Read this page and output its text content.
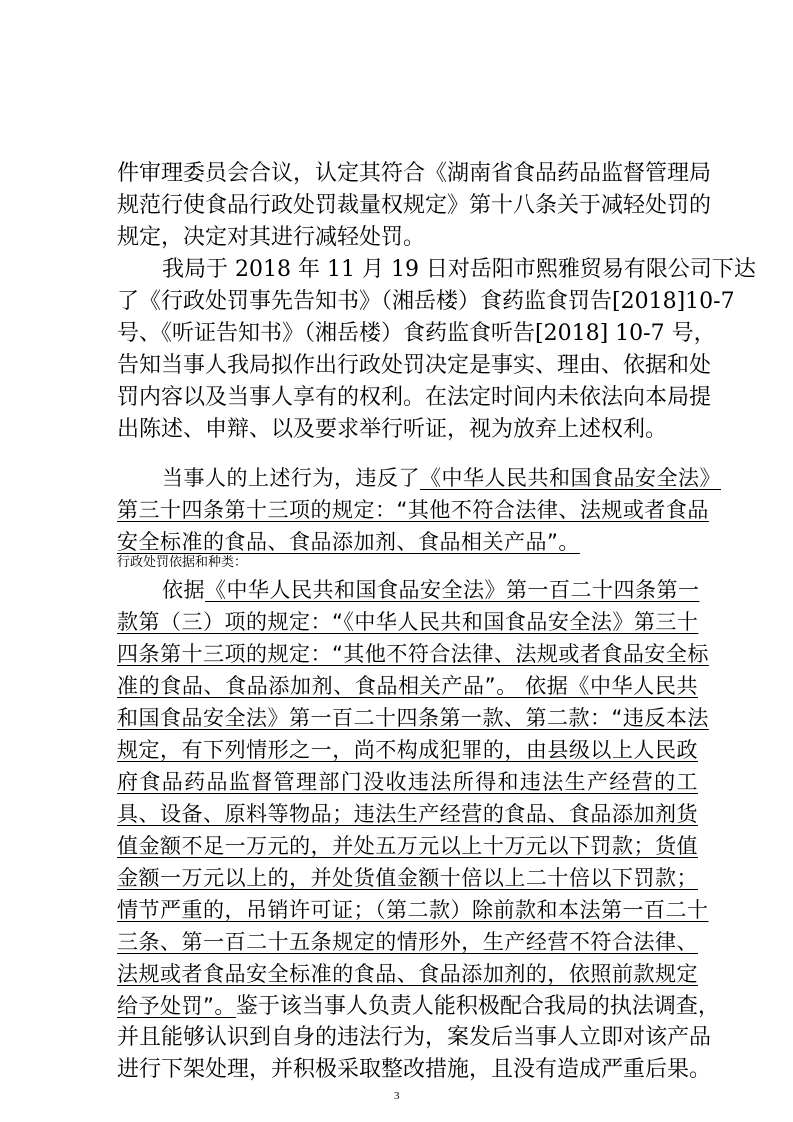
件审理委员会合议，认定其符合《湖南省食品药品监督管理局
规范行使食品行政处罚裁量权规定》第十八条关于减轻处罚的
规定，决定对其进行减轻处罚。
我局于 2018 年 11 月 19 日对岳阳市熙雅贸易有限公司下达
了《行政处罚事先告知书》（湘岳楼）食药监食罚告[2018]10-7
号、《听证告知书》（湘岳楼）食药监食听告[2018] 10-7 号，
告知当事人我局拟作出行政处罚决定是事实、理由、依据和处
罚内容以及当事人享有的权利。在法定时间内未依法向本局提
出陈述、申辩、以及要求举行听证，视为放弃上述权利。
当事人的上述行为，违反了《中华人民共和国食品安全法》
第三十四条第十三项的规定：“其他不符合法律、法规或者食品
安全标准的食品、食品添加剂、食品相关产品”。
行政处罚依据和种类：
依据《中华人民共和国食品安全法》第一百二十四条第一
款第（三）项的规定：“《中华人民共和国食品安全法》第三十
四条第十三项的规定：“其他不符合法律、法规或者食品安全标
准的食品、食品添加剂、食品相关产品”。 依据《中华人民共
和国食品安全法》第一百二十四条第一款、第二款：“违反本法
规定，有下列情形之一，尚不构成犯罪的，由县级以上人民政
府食品药品监督管理部门没收违法所得和违法生产经营的工
具、设备、原料等物品；违法生产经营的食品、食品添加剂货
值金额不足一万元的，并处五万元以上十万元以下罚款；货值
金额一万元以上的，并处货值金额十倍以上二十倍以下罚款；
情节严重的，吊销许可证；（第二款）除前款和本法第一百二十
三条、第一百二十五条规定的情形外，生产经营不符合法律、
法规或者食品安全标准的食品、食品添加剂的，依照前款规定
给予处罚”。鉴于该当事人负责人能积极配合我局的执法调查，
并且能够认识到自身的违法行为，案发后当事人立即对该产品
进行下架处理，并积极采取整改措施，且没有造成严重后果。
3
